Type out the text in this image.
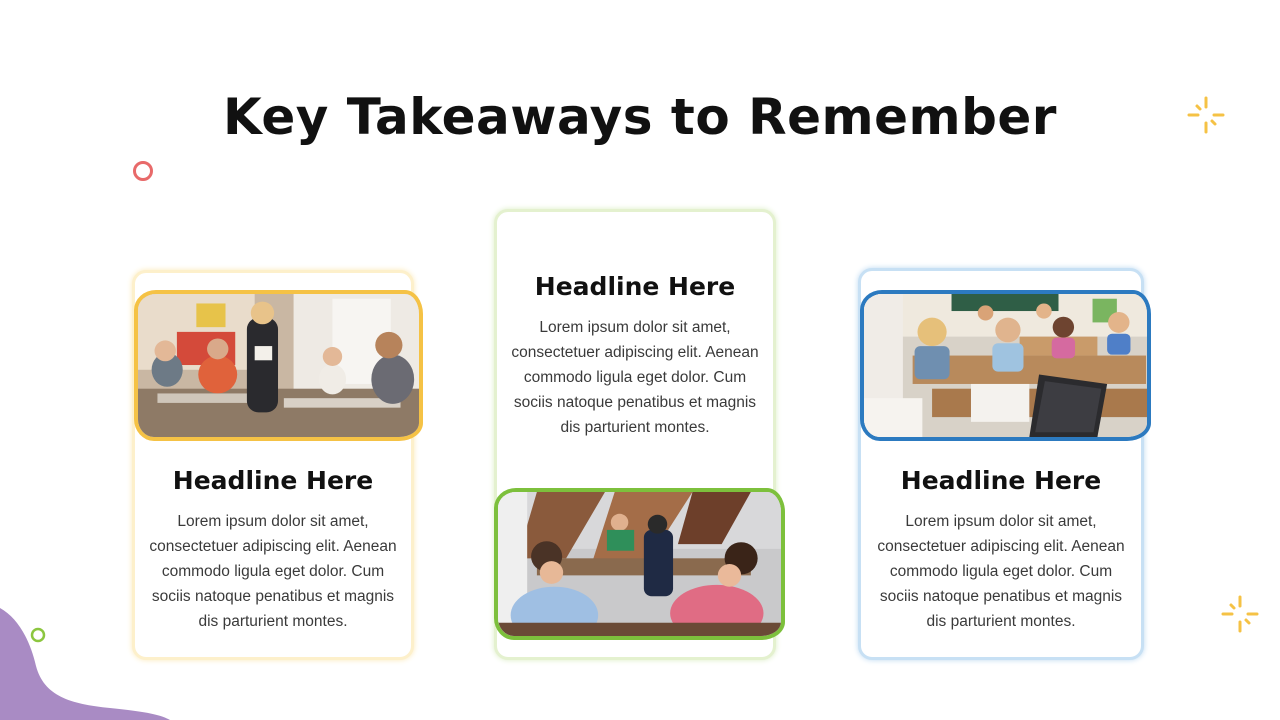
Key Takeaways to Remember
Headline Here
Lorem ipsum dolor sit amet, consectetuer adipiscing elit. Aenean commodo ligula eget dolor. Cum sociis natoque penatibus et magnis dis parturient montes.
Headline Here
Lorem ipsum dolor sit amet, consectetuer adipiscing elit. Aenean commodo ligula eget dolor. Cum sociis natoque penatibus et magnis dis parturient montes.
Headline Here
Lorem ipsum dolor sit amet, consectetuer adipiscing elit. Aenean commodo ligula eget dolor. Cum sociis natoque penatibus et magnis dis parturient montes.
